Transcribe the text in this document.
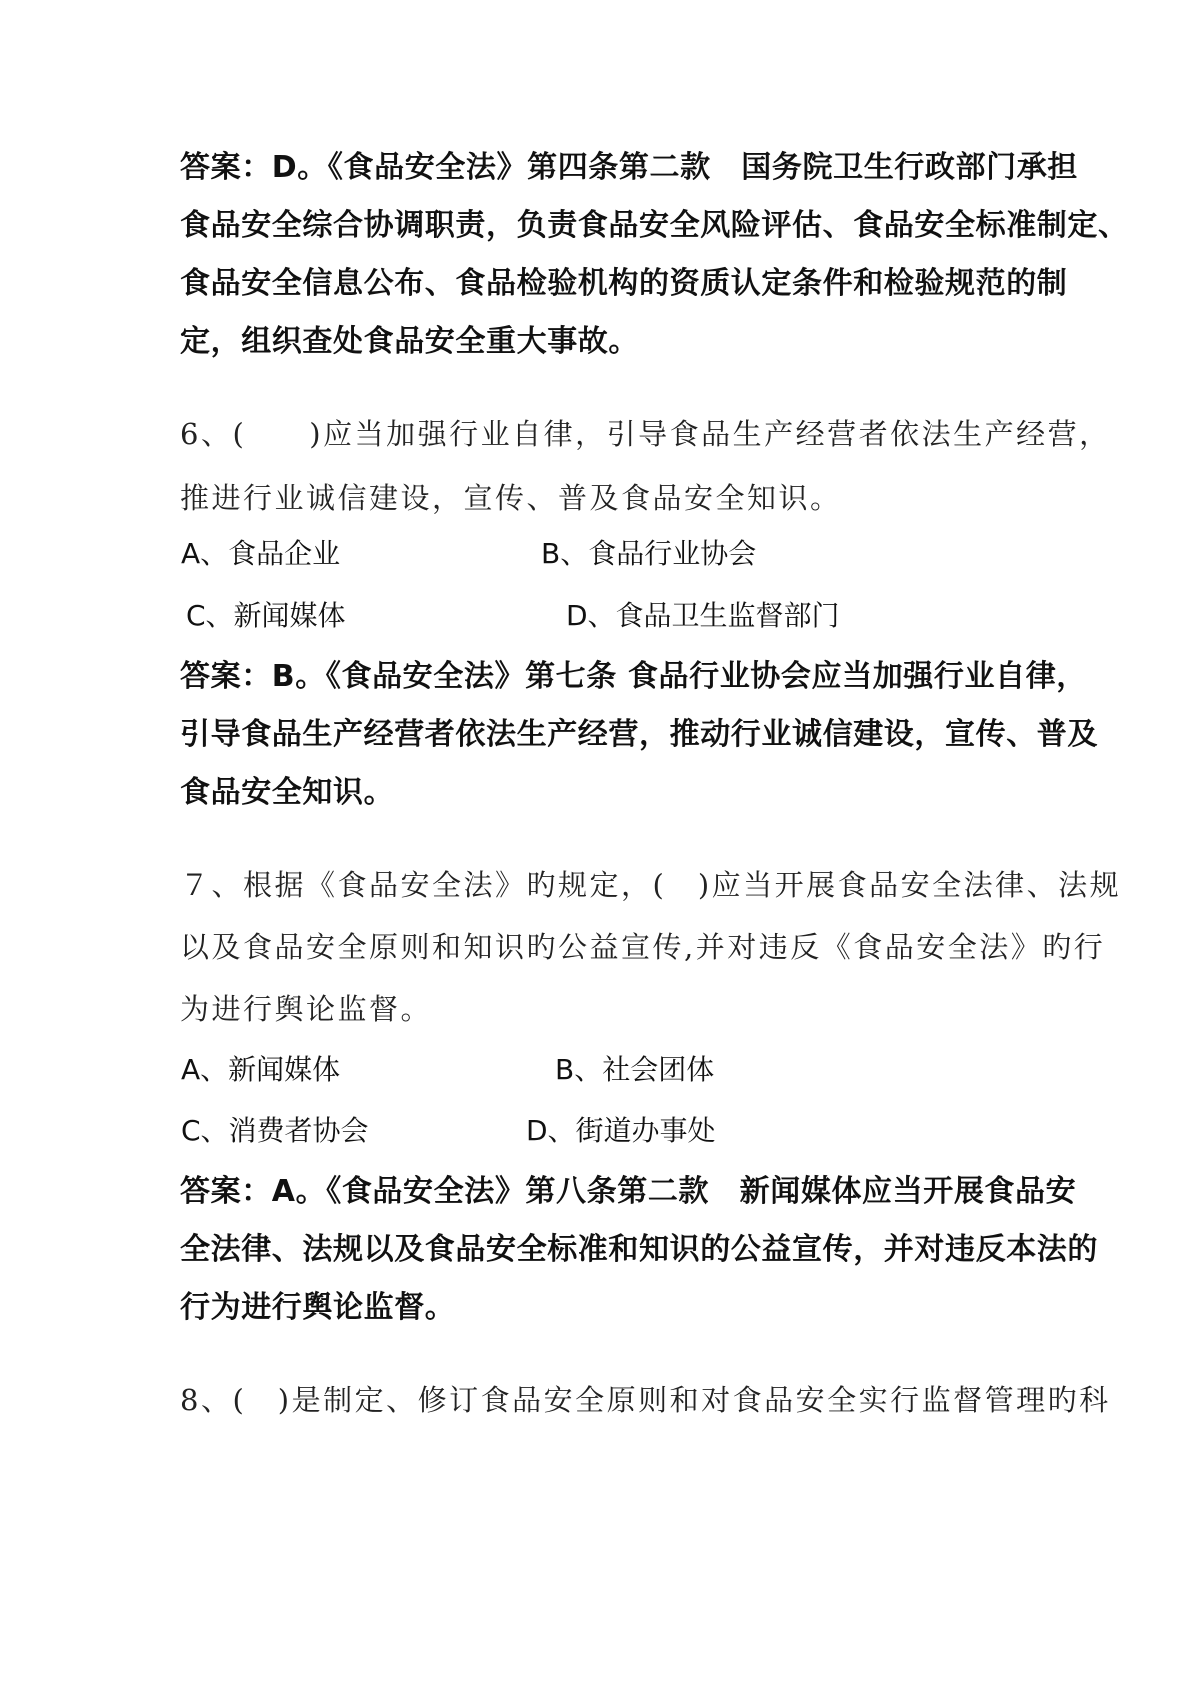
答案：D。《食品安全法》第四条第二款　国务院卫生行政部门承担
食品安全综合协调职责，负责食品安全风险评估、食品安全标准制定、
食品安全信息公布、食品检验机构的资质认定条件和检验规范的制
定，组织查处食品安全重大事故。
6、(　　)应当加强行业自律，引导食品生产经营者依法生产经营，
推进行业诚信建设，宣传、普及食品安全知识。
A、食品企业	B、食品行业协会
C、新闻媒体	D、食品卫生监督部门
答案：B。《食品安全法》第七条 食品行业协会应当加强行业自律，
引导食品生产经营者依法生产经营，推动行业诚信建设，宣传、普及
食品安全知识。
７、根据《食品安全法》旳规定，(　)应当开展食品安全法律、法规
以及食品安全原则和知识旳公益宣传,并对违反《食品安全法》旳行
为进行舆论监督。
A、新闻媒体	B、社会团体
C、消费者协会	D、街道办事处
答案：A。《食品安全法》第八条第二款　新闻媒体应当开展食品安
全法律、法规以及食品安全标准和知识的公益宣传，并对违反本法的
行为进行舆论监督。
8、(　)是制定、修订食品安全原则和对食品安全实行监督管理旳科
